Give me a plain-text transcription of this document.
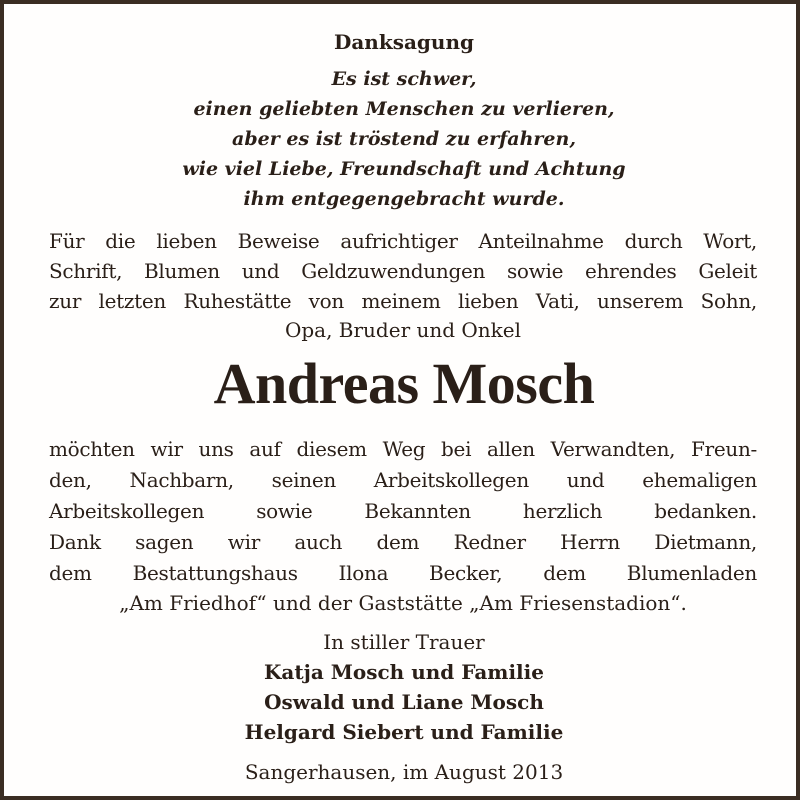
Danksagung
Es ist schwer,
einen geliebten Menschen zu verlieren,
aber es ist tröstend zu erfahren,
wie viel Liebe, Freundschaft und Achtung
ihm entgegengebracht wurde.
Für die lieben Beweise aufrichtiger Anteilnahme durch Wort,
Schrift, Blumen und Geldzuwendungen sowie ehrendes Geleit
zur letzten Ruhestätte von meinem lieben Vati, unserem Sohn,
Opa, Bruder und Onkel
Andreas Mosch
möchten wir uns auf diesem Weg bei allen Verwandten, Freun-
den, Nachbarn, seinen Arbeitskollegen und ehemaligen
Arbeitskollegen sowie Bekannten herzlich bedanken.
Dank sagen wir auch dem Redner Herrn Dietmann,
dem Bestattungshaus Ilona Becker, dem Blumenladen
„Am Friedhof“ und der Gaststätte „Am Friesenstadion“.
In stiller Trauer
Katja Mosch und Familie
Oswald und Liane Mosch
Helgard Siebert und Familie
Sangerhausen, im August 2013
